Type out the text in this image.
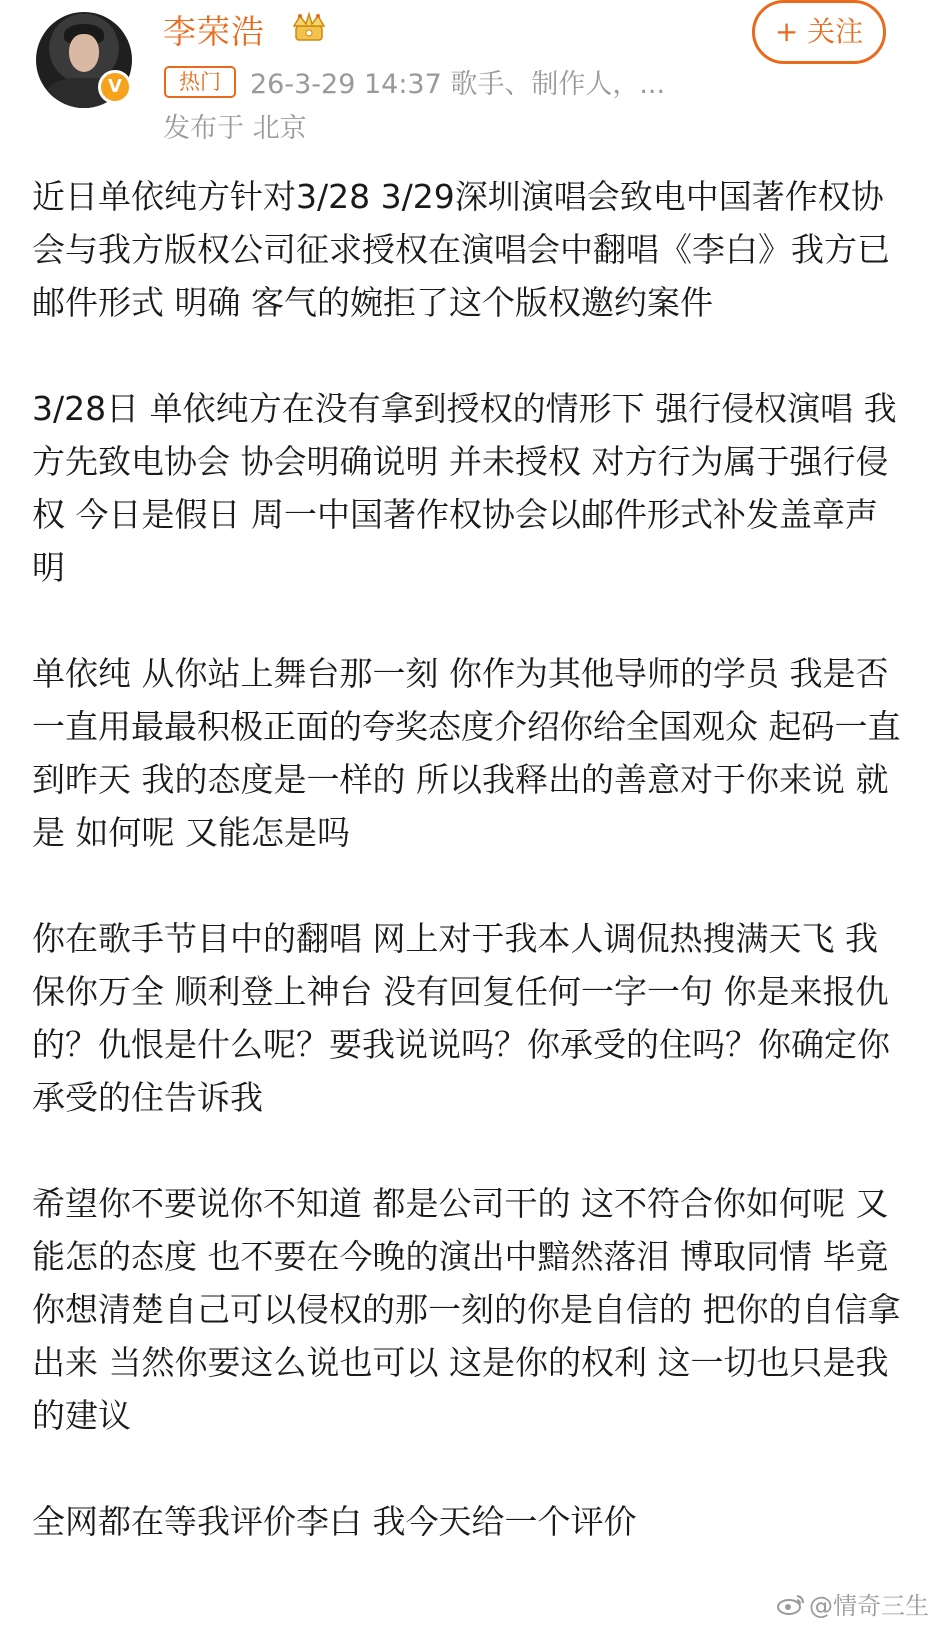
V
李荣浩
热门	26-3-29 14:37 歌手、制作人，...
发布于 北京
+ 关注

近日单依纯方针对3/28 3/29深圳演唱会致电中国著作权协会与我方版权公司征求授权在演唱会中翻唱《李白》我方已邮件形式 明确 客气的婉拒了这个版权邀约案件

3/28日 单依纯方在没有拿到授权的情形下 强行侵权演唱 我方先致电协会 协会明确说明 并未授权 对方行为属于强行侵权 今日是假日 周一中国著作权协会以邮件形式补发盖章声明

单依纯 从你站上舞台那一刻 你作为其他导师的学员 我是否一直用最最积极正面的夸奖态度介绍你给全国观众 起码一直到昨天 我的态度是一样的 所以我释出的善意对于你来说 就是 如何呢 又能怎是吗

你在歌手节目中的翻唱 网上对于我本人调侃热搜满天飞 我保你万全 顺利登上神台 没有回复任何一字一句 你是来报仇的？仇恨是什么呢？要我说说吗？你承受的住吗？你确定你承受的住告诉我

希望你不要说你不知道 都是公司干的 这不符合你如何呢 又能怎的态度 也不要在今晚的演出中黯然落泪 博取同情 毕竟你想清楚自己可以侵权的那一刻的你是自信的 把你的自信拿出来 当然你要这么说也可以 这是你的权利 这一切也只是我的建议

全网都在等我评价李白 我今天给一个评价

@情奇三生
